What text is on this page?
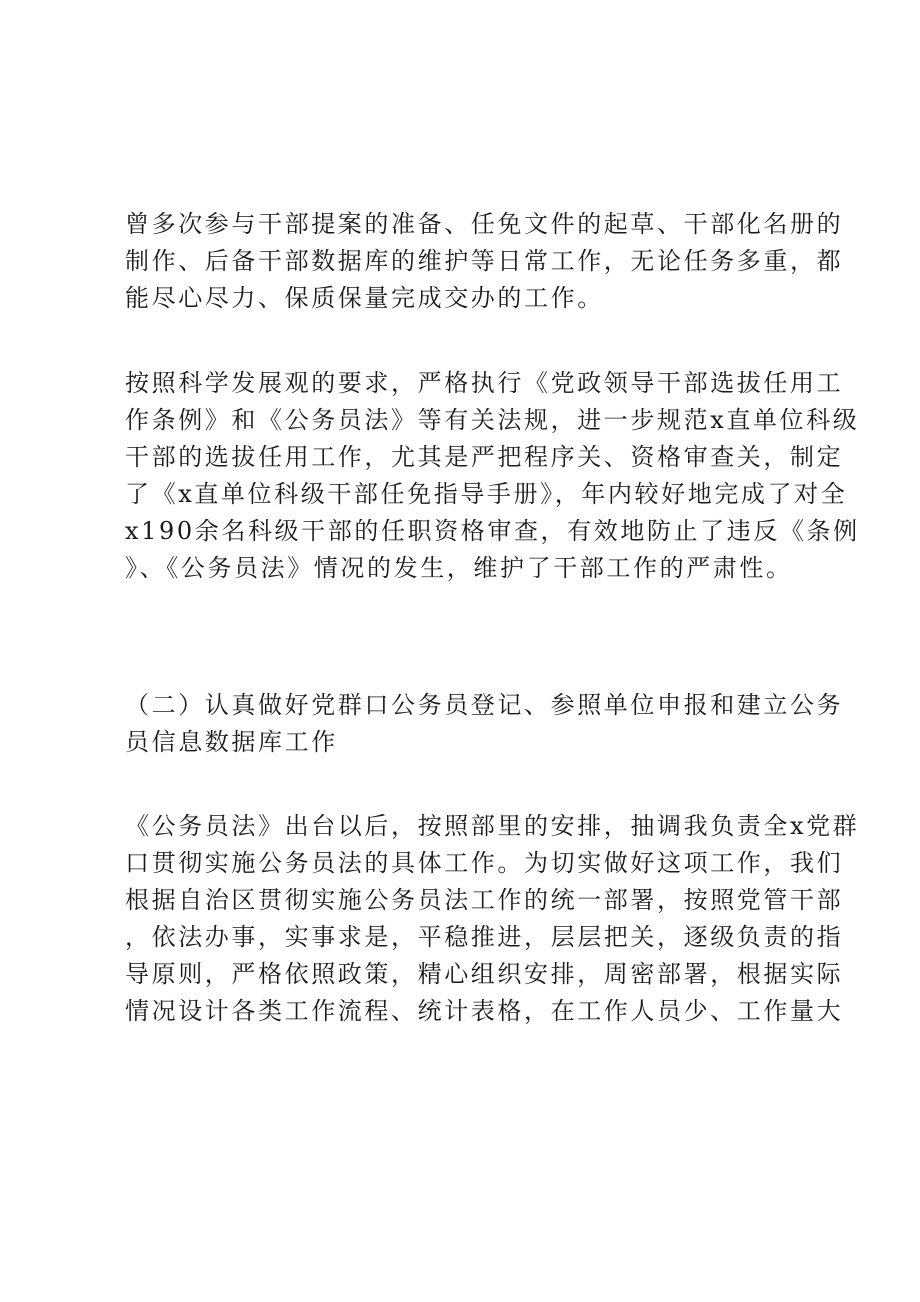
曾多次参与干部提案的准备、任免文件的起草、干部化名册的
制作、后备干部数据库的维护等日常工作，无论任务多重，都
能尽心尽力、保质保量完成交办的工作。
按照科学发展观的要求，严格执行《党政领导干部选拔任用工
作条例》和《公务员法》等有关法规，进一步规范x直单位科级
干部的选拔任用工作，尤其是严把程序关、资格审查关，制定
了《x直单位科级干部任免指导手册》，年内较好地完成了对全
x190余名科级干部的任职资格审查，有效地防止了违反《条例
》、《公务员法》情况的发生，维护了干部工作的严肃性。
（二）认真做好党群口公务员登记、参照单位申报和建立公务
员信息数据库工作
《公务员法》出台以后，按照部里的安排，抽调我负责全x党群
口贯彻实施公务员法的具体工作。为切实做好这项工作，我们
根据自治区贯彻实施公务员法工作的统一部署，按照党管干部
，依法办事，实事求是，平稳推进，层层把关，逐级负责的指
导原则，严格依照政策，精心组织安排，周密部署，根据实际
情况设计各类工作流程、统计表格，在工作人员少、工作量大
